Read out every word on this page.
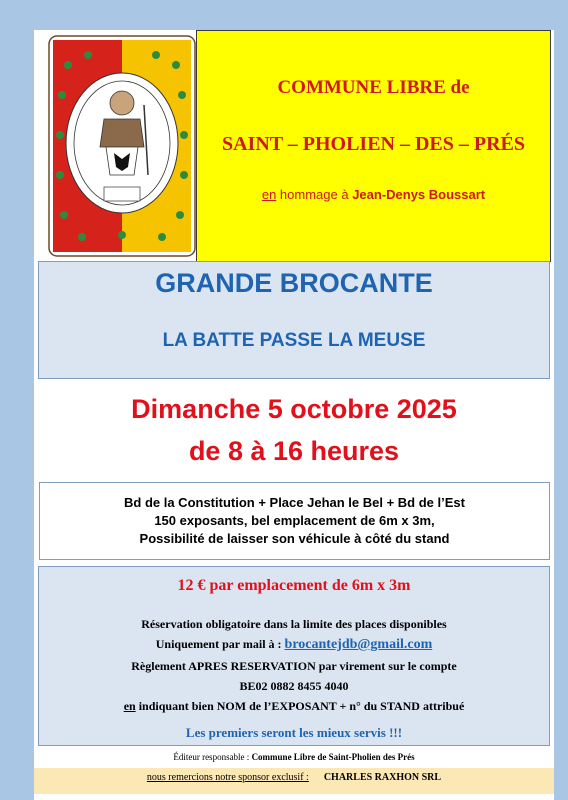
COMMUNE LIBRE de
SAINT – PHOLIEN – DES – PRÉS
en hommage à Jean-Denys Boussart
GRANDE BROCANTE
LA BATTE PASSE LA MEUSE
Dimanche 5 octobre 2025
de 8 à 16 heures
Bd de la Constitution + Place Jehan le Bel + Bd de l’Est
150 exposants, bel emplacement de 6m x 3m,
Possibilité de laisser son véhicule à côté du stand
12 € par emplacement de 6m x 3m
Réservation obligatoire dans la limite des places disponibles
Uniquement par mail à : brocantejdb@gmail.com
Règlement APRES RESERVATION par virement sur le compte
BE02 0882 8455 4040
en indiquant bien NOM de l’EXPOSANT + n° du STAND attribué
Les premiers seront les mieux servis !!!
Éditeur responsable : Commune Libre de Saint-Pholien des Prés
nous remercions notre sponsor exclusif : CHARLES RAXHON SRL
